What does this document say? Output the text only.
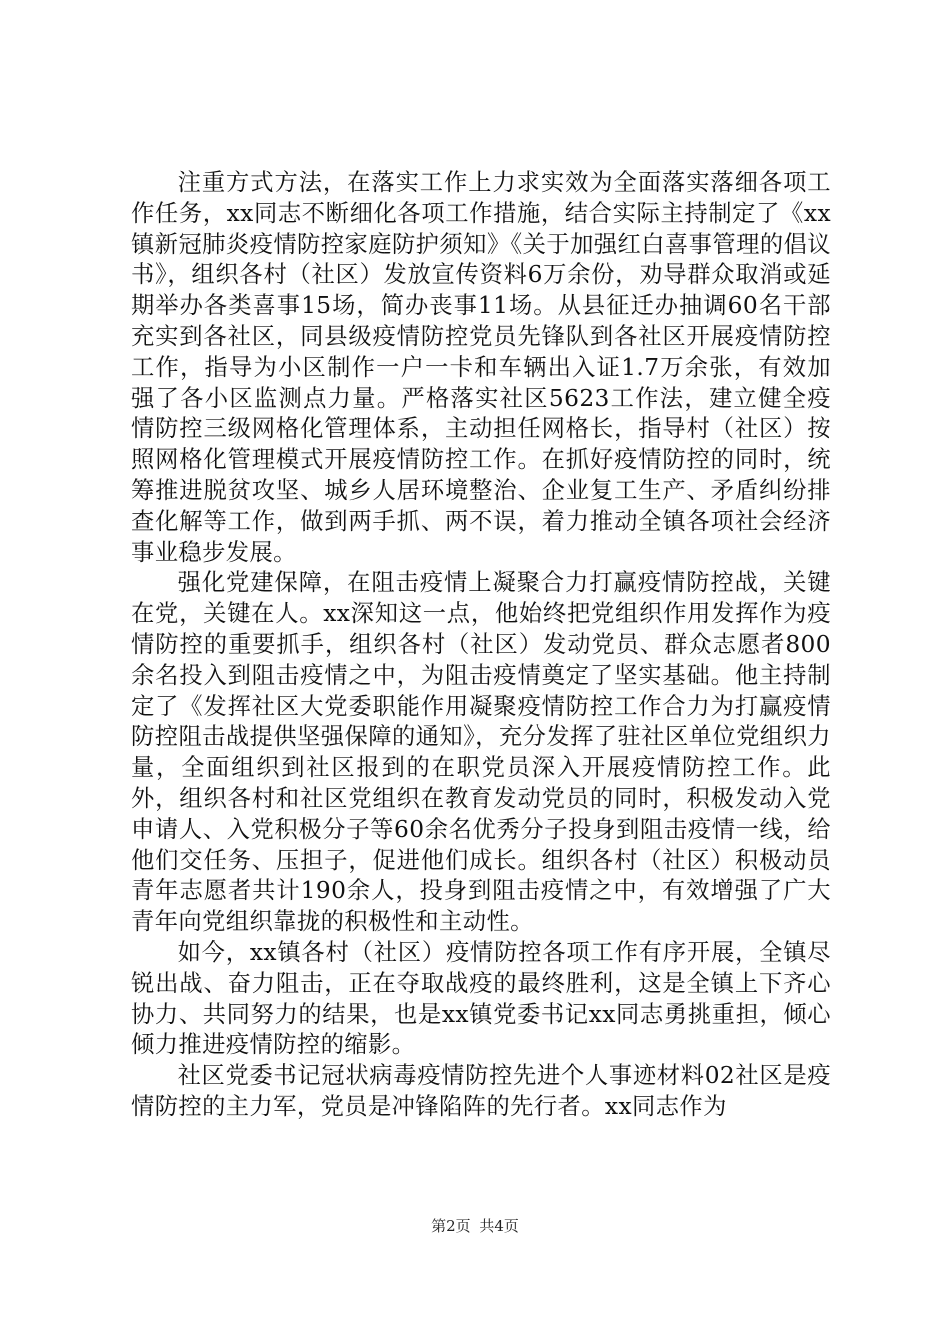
注重方式方法，在落实工作上力求实效为全面落实落细各项工作任务，xx同志不断细化各项工作措施，结合实际主持制定了《xx镇新冠肺炎疫情防控家庭防护须知》《关于加强红白喜事管理的倡议书》，组织各村（社区）发放宣传资料6万余份，劝导群众取消或延期举办各类喜事15场，简办丧事11场。从县征迁办抽调60名干部充实到各社区，同县级疫情防控党员先锋队到各社区开展疫情防控工作，指导为小区制作一户一卡和车辆出入证1.7万余张，有效加强了各小区监测点力量。严格落实社区5623工作法，建立健全疫情防控三级网格化管理体系，主动担任网格长，指导村（社区）按照网格化管理模式开展疫情防控工作。在抓好疫情防控的同时，统筹推进脱贫攻坚、城乡人居环境整治、企业复工生产、矛盾纠纷排查化解等工作，做到两手抓、两不误，着力推动全镇各项社会经济事业稳步发展。

强化党建保障，在阻击疫情上凝聚合力打赢疫情防控战，关键在党，关键在人。xx深知这一点，他始终把党组织作用发挥作为疫情防控的重要抓手，组织各村（社区）发动党员、群众志愿者800余名投入到阻击疫情之中，为阻击疫情奠定了坚实基础。他主持制定了《发挥社区大党委职能作用凝聚疫情防控工作合力为打赢疫情防控阻击战提供坚强保障的通知》，充分发挥了驻社区单位党组织力量，全面组织到社区报到的在职党员深入开展疫情防控工作。此外，组织各村和社区党组织在教育发动党员的同时，积极发动入党申请人、入党积极分子等60余名优秀分子投身到阻击疫情一线，给他们交任务、压担子，促进他们成长。组织各村（社区）积极动员青年志愿者共计190余人，投身到阻击疫情之中，有效增强了广大青年向党组织靠拢的积极性和主动性。

如今，xx镇各村（社区）疫情防控各项工作有序开展，全镇尽锐出战、奋力阻击，正在夺取战疫的最终胜利，这是全镇上下齐心协力、共同努力的结果，也是xx镇党委书记xx同志勇挑重担，倾心倾力推进疫情防控的缩影。

社区党委书记冠状病毒疫情防控先进个人事迹材料02社区是疫情防控的主力军，党员是冲锋陷阵的先行者。xx同志作为

第2页 共4页
